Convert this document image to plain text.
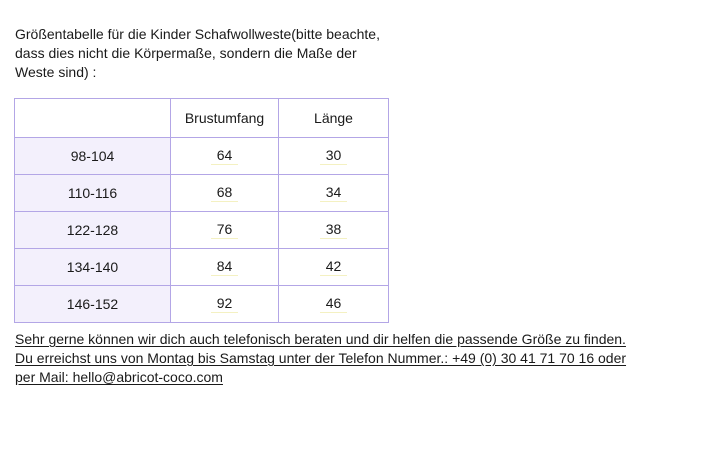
Größentabelle für die Kinder Schafwollweste(bitte beachte,
dass dies nicht die Körpermaße, sondern die Maße der
Weste sind) :
	Brustumfang	Länge
98-104	64	30
110-116	68	34
122-128	76	38
134-140	84	42
146-152	92	46
Sehr gerne können wir dich auch telefonisch beraten und dir helfen die passende Größe zu finden.
Du erreichst uns von Montag bis Samstag unter der Telefon Nummer.: +49 (0) 30 41 71 70 16 oder
per Mail: hello@abricot-coco.com
